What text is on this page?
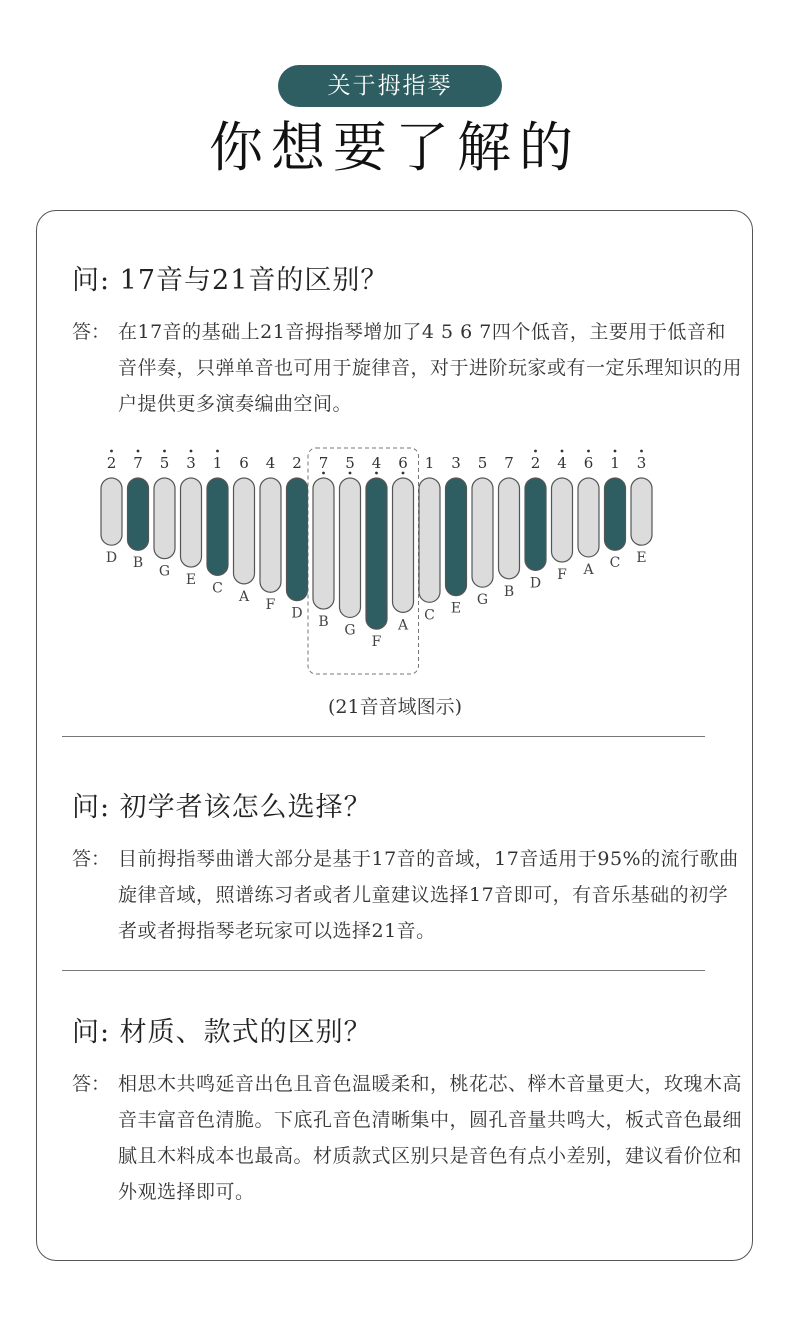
关于拇指琴
你想要了解的
问: 17音与21音的区别？
答： 在17音的基础上21音拇指琴增加了4 5 6 7四个低音，主要用于低音和音伴奏，只弹单音也可用于旋律音，对于进阶玩家或有一定乐理知识的用户提供更多演奏编曲空间。
2
D
7
B
5
G
3
E
1
C
6
A
4
F
2
D
7
B
5
G
4
F
6
A
1
C
3
E
5
G
7
B
2
D
4
F
6
A
1
C
3
E
(21音音域图示)
问: 初学者该怎么选择？
答： 目前拇指琴曲谱大部分是基于17音的音域，17音适用于95%的流行歌曲旋律音域，照谱练习者或者儿童建议选择17音即可，有音乐基础的初学者或者拇指琴老玩家可以选择21音。
问: 材质、款式的区别？
答： 相思木共鸣延音出色且音色温暖柔和，桃花芯、榉木音量更大，玫瑰木高音丰富音色清脆。下底孔音色清晰集中，圆孔音量共鸣大，板式音色最细腻且木料成本也最高。材质款式区别只是音色有点小差别，建议看价位和外观选择即可。
